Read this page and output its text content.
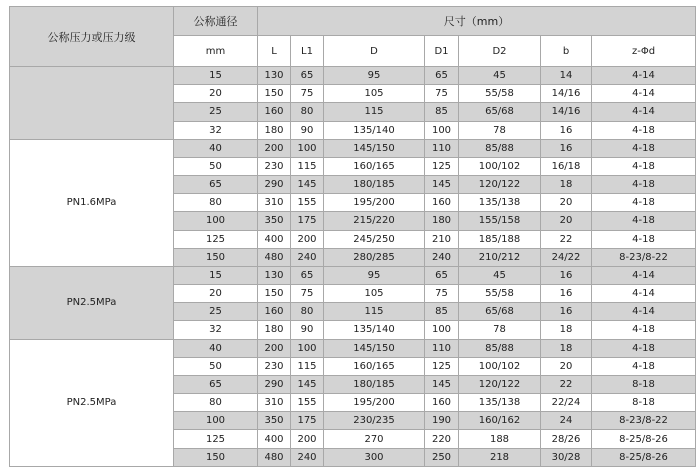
公称压力或压力级	公称通径	尺寸（mm）						
	mm	L	L1	D	D1	D2	b	z-Φd
	15	130	65	95	65	45	14	4-14
	20	150	75	105	75	55/58	14/16	4-14
	25	160	80	115	85	65/68	14/16	4-14
	32	180	90	135/140	100	78	16	4-18
PN1.6MPa	40	200	100	145/150	110	85/88	16	4-18
	50	230	115	160/165	125	100/102	16/18	4-18
	65	290	145	180/185	145	120/122	18	4-18
	80	310	155	195/200	160	135/138	20	4-18
	100	350	175	215/220	180	155/158	20	4-18
	125	400	200	245/250	210	185/188	22	4-18
	150	480	240	280/285	240	210/212	24/22	8-23/8-22
PN2.5MPa	15	130	65	95	65	45	16	4-14
	20	150	75	105	75	55/58	16	4-14
	25	160	80	115	85	65/68	16	4-14
	32	180	90	135/140	100	78	18	4-18
PN2.5MPa	40	200	100	145/150	110	85/88	18	4-18
	50	230	115	160/165	125	100/102	20	4-18
	65	290	145	180/185	145	120/122	22	8-18
	80	310	155	195/200	160	135/138	22/24	8-18
	100	350	175	230/235	190	160/162	24	8-23/8-22
	125	400	200	270	220	188	28/26	8-25/8-26
	150	480	240	300	250	218	30/28	8-25/8-26
